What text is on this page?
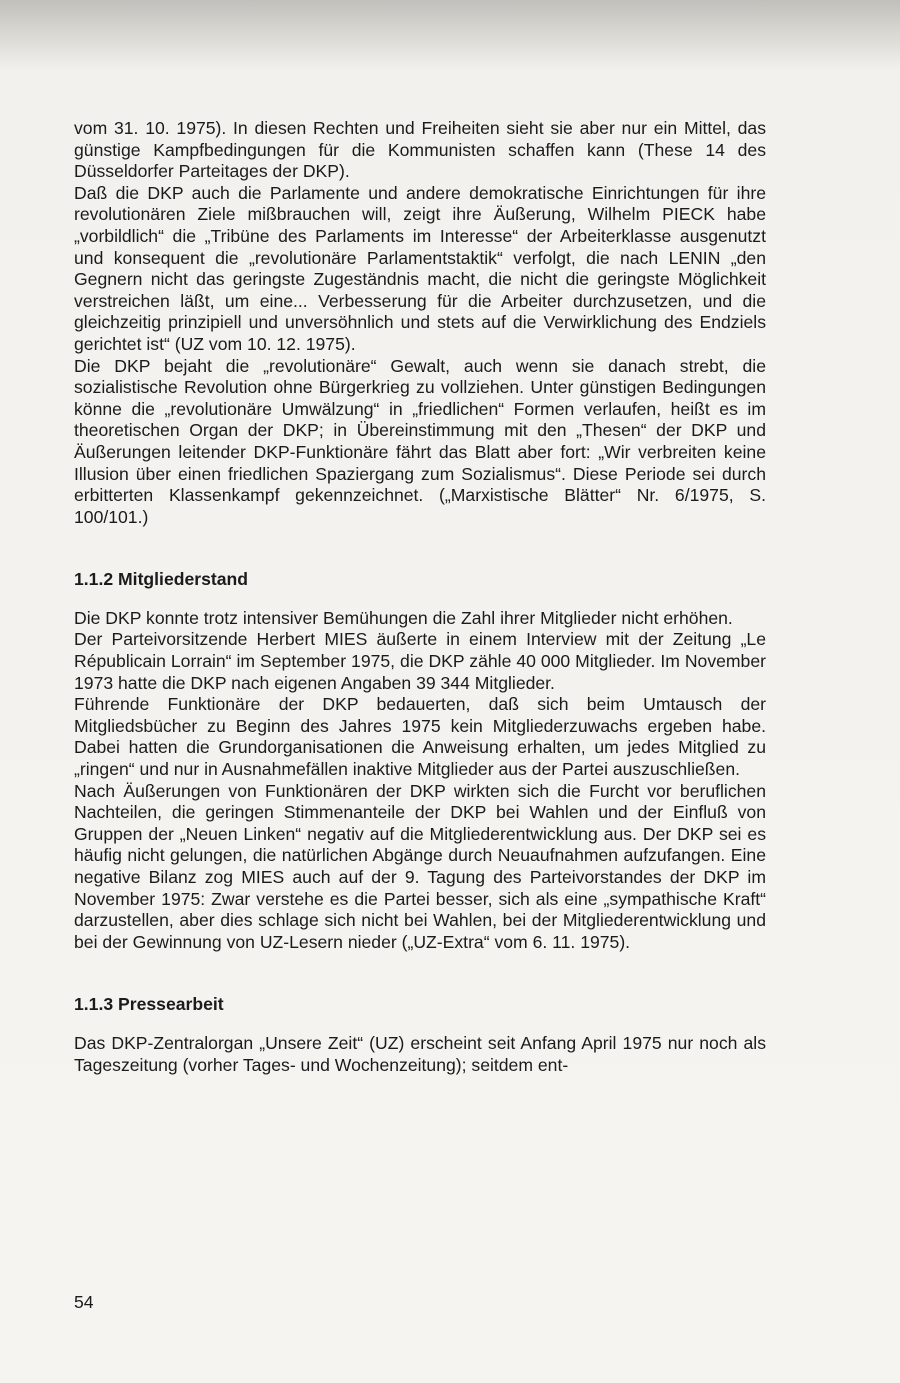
vom 31. 10. 1975). In diesen Rechten und Freiheiten sieht sie aber nur ein Mittel, das günstige Kampfbedingungen für die Kommunisten schaffen kann (These 14 des Düsseldorfer Parteitages der DKP).

Daß die DKP auch die Parlamente und andere demokratische Einrichtungen für ihre revolutionären Ziele mißbrauchen will, zeigt ihre Äußerung, Wilhelm PIECK habe „vorbildlich“ die „Tribüne des Parlaments im Interesse“ der Arbeiterklasse ausgenutzt und konsequent die „revolutionäre Parlamentstaktik“ verfolgt, die nach LENIN „den Gegnern nicht das geringste Zugeständnis macht, die nicht die geringste Möglichkeit verstreichen läßt, um eine... Verbesserung für die Arbeiter durchzusetzen, und die gleichzeitig prinzipiell und unversöhnlich und stets auf die Verwirklichung des Endziels gerichtet ist“ (UZ vom 10. 12. 1975).

Die DKP bejaht die „revolutionäre“ Gewalt, auch wenn sie danach strebt, die sozialistische Revolution ohne Bürgerkrieg zu vollziehen. Unter günstigen Bedingungen könne die „revolutionäre Umwälzung“ in „friedlichen“ Formen verlaufen, heißt es im theoretischen Organ der DKP; in Übereinstimmung mit den „Thesen“ der DKP und Äußerungen leitender DKP-Funktionäre fährt das Blatt aber fort: „Wir verbreiten keine Illusion über einen friedlichen Spaziergang zum Sozialismus“. Diese Periode sei durch erbitterten Klassenkampf gekennzeichnet. („Marxistische Blätter“ Nr. 6/1975, S. 100/101.)

1.1.2 Mitgliederstand

Die DKP konnte trotz intensiver Bemühungen die Zahl ihrer Mitglieder nicht erhöhen.

Der Parteivorsitzende Herbert MIES äußerte in einem Interview mit der Zeitung „Le Républicain Lorrain“ im September 1975, die DKP zähle 40 000 Mitglieder. Im November 1973 hatte die DKP nach eigenen Angaben 39 344 Mitglieder.

Führende Funktionäre der DKP bedauerten, daß sich beim Umtausch der Mitgliedsbücher zu Beginn des Jahres 1975 kein Mitgliederzuwachs ergeben habe. Dabei hatten die Grundorganisationen die Anweisung erhalten, um jedes Mitglied zu „ringen“ und nur in Ausnahmefällen inaktive Mitglieder aus der Partei auszuschließen.

Nach Äußerungen von Funktionären der DKP wirkten sich die Furcht vor beruflichen Nachteilen, die geringen Stimmenanteile der DKP bei Wahlen und der Einfluß von Gruppen der „Neuen Linken“ negativ auf die Mitgliederentwicklung aus. Der DKP sei es häufig nicht gelungen, die natürlichen Abgänge durch Neuaufnahmen aufzufangen. Eine negative Bilanz zog MIES auch auf der 9. Tagung des Parteivorstandes der DKP im November 1975: Zwar verstehe es die Partei besser, sich als eine „sympathische Kraft“ darzustellen, aber dies schlage sich nicht bei Wahlen, bei der Mitgliederentwicklung und bei der Gewinnung von UZ-Lesern nieder („UZ-Extra“ vom 6. 11. 1975).

1.1.3 Pressearbeit

Das DKP-Zentralorgan „Unsere Zeit“ (UZ) erscheint seit Anfang April 1975 nur noch als Tageszeitung (vorher Tages- und Wochenzeitung); seitdem ent-

54
